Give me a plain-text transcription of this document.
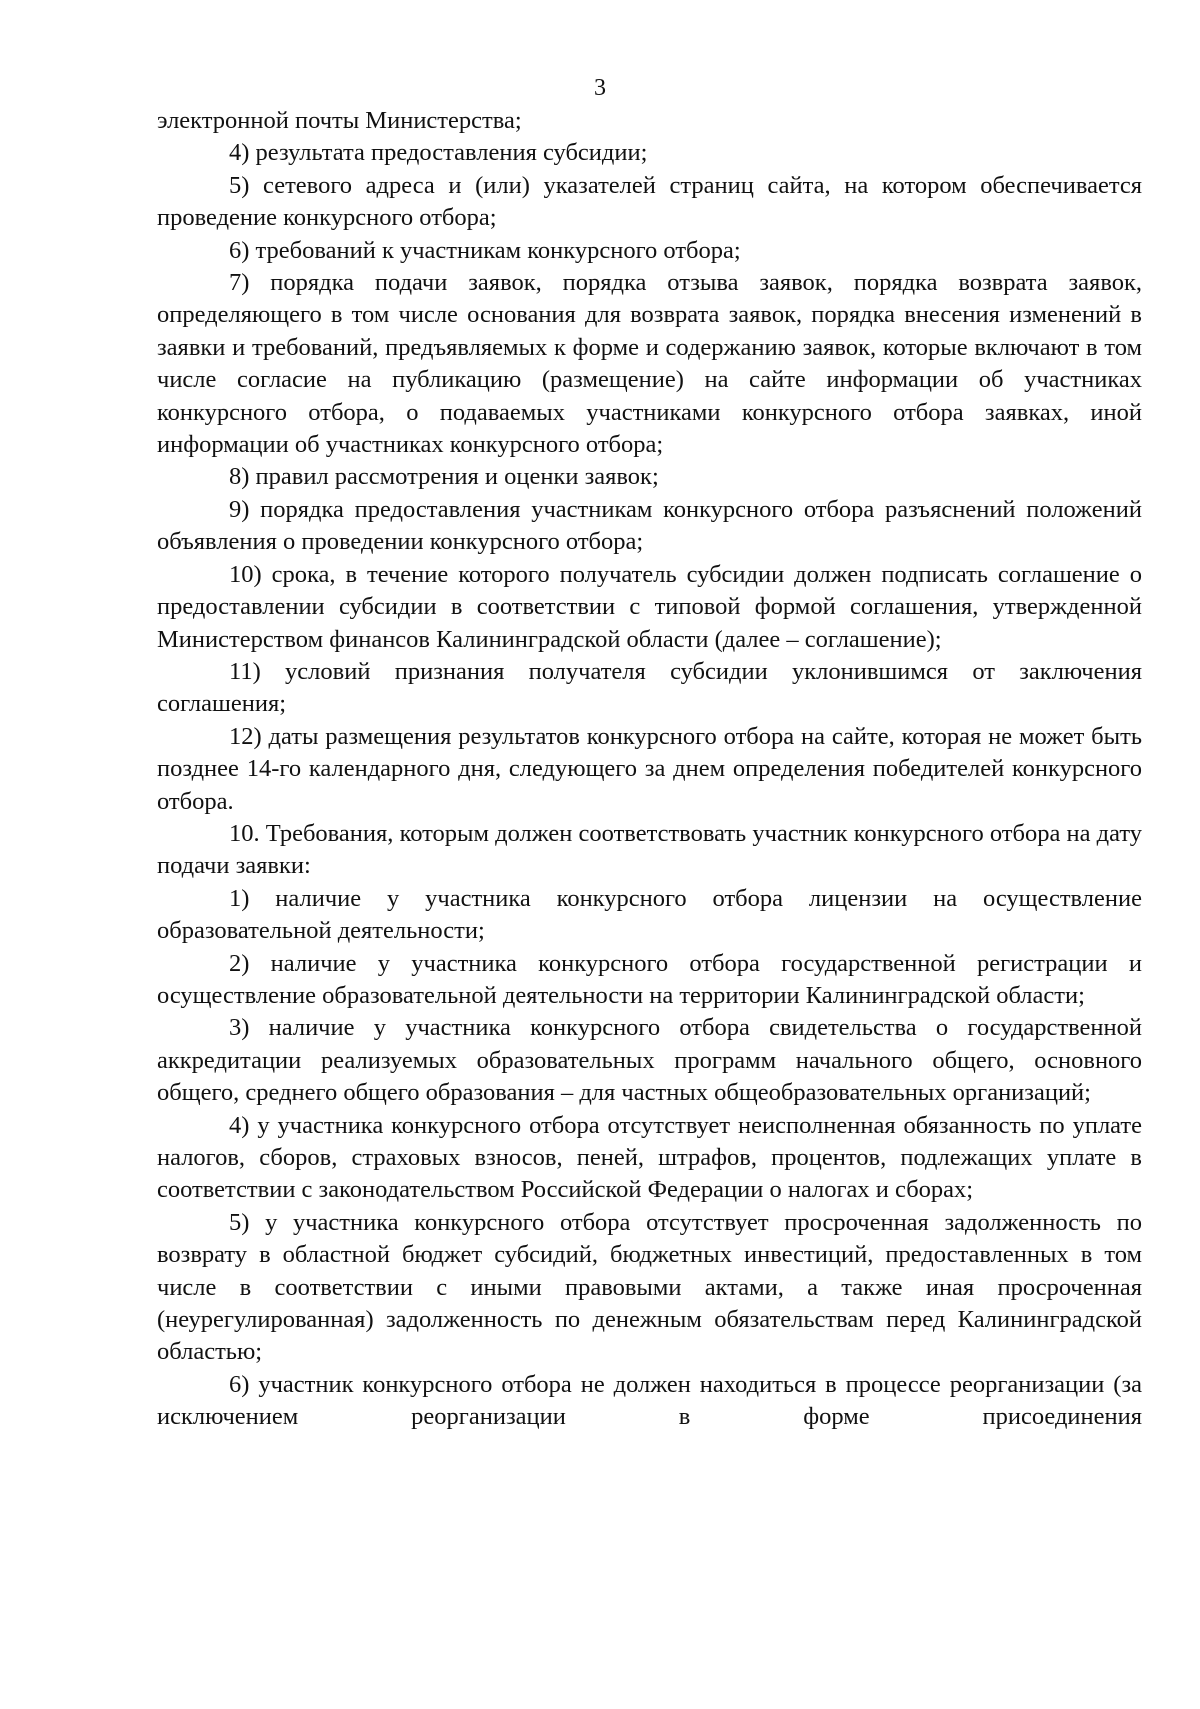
3

электронной почты Министерства;

4) результата предоставления субсидии;

5) сетевого адреса и (или) указателей страниц сайта, на котором обеспечивается проведение конкурсного отбора;

6) требований к участникам конкурсного отбора;

7) порядка подачи заявок, порядка отзыва заявок, порядка возврата заявок, определяющего в том числе основания для возврата заявок, порядка внесения изменений в заявки и требований, предъявляемых к форме и содержанию заявок, которые включают в том числе согласие на публикацию (размещение) на сайте информации об участниках конкурсного отбора, о подаваемых участниками конкурсного отбора заявках, иной информации об участниках конкурсного отбора;

8) правил рассмотрения и оценки заявок;

9) порядка предоставления участникам конкурсного отбора разъяснений положений объявления о проведении конкурсного отбора;

10) срока, в течение которого получатель субсидии должен подписать соглашение о предоставлении субсидии в соответствии с типовой формой соглашения, утвержденной Министерством финансов Калининградской области (далее – соглашение);

11) условий признания получателя субсидии уклонившимся от заключения соглашения;

12) даты размещения результатов конкурсного отбора на сайте, которая не может быть позднее 14-го календарного дня, следующего за днем определения победителей конкурсного отбора.

10. Требования, которым должен соответствовать участник конкурсного отбора на дату подачи заявки:

1) наличие у участника конкурсного отбора лицензии на осуществление образовательной деятельности;

2) наличие у участника конкурсного отбора государственной регистрации и осуществление образовательной деятельности на территории Калининградской области;

3) наличие у участника конкурсного отбора свидетельства о государственной аккредитации реализуемых образовательных программ начального общего, основного общего, среднего общего образования – для частных общеобразовательных организаций;

4) у участника конкурсного отбора отсутствует неисполненная обязанность по уплате налогов, сборов, страховых взносов, пеней, штрафов, процентов, подлежащих уплате в соответствии с законодательством Российской Федерации о налогах и сборах;

5) у участника конкурсного отбора отсутствует просроченная задолженность по возврату в областной бюджет субсидий, бюджетных инвестиций, предоставленных в том числе в соответствии с иными правовыми актами, а также иная просроченная (неурегулированная) задолженность по денежным обязательствам перед Калининградской областью;

6) участник конкурсного отбора не должен находиться в процессе реорганизации (за исключением реорганизации в форме присоединения
